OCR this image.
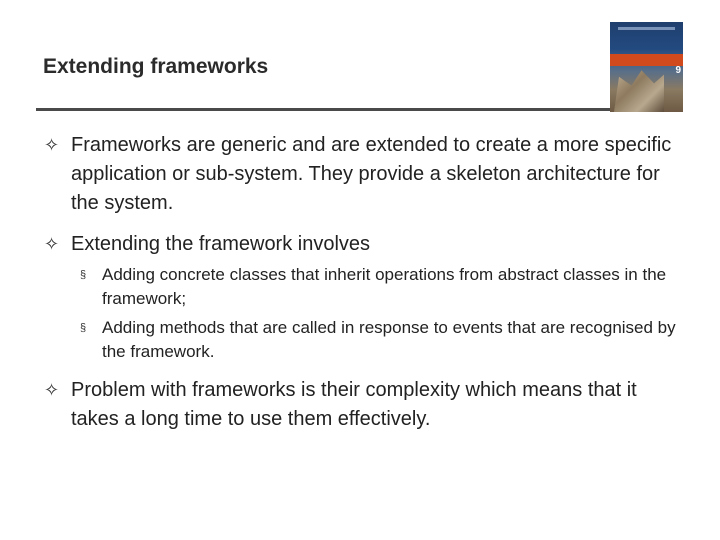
Extending frameworks	9
✧ Frameworks are generic and are extended to create a more specific application or sub-system. They provide a skeleton architecture for the system.
✧ Extending the framework involves
§ Adding concrete classes that inherit operations from abstract classes in the framework;
§ Adding methods that are called in response to events that are recognised by the framework.
✧ Problem with frameworks is their complexity which means that it takes a long time to use them effectively.
